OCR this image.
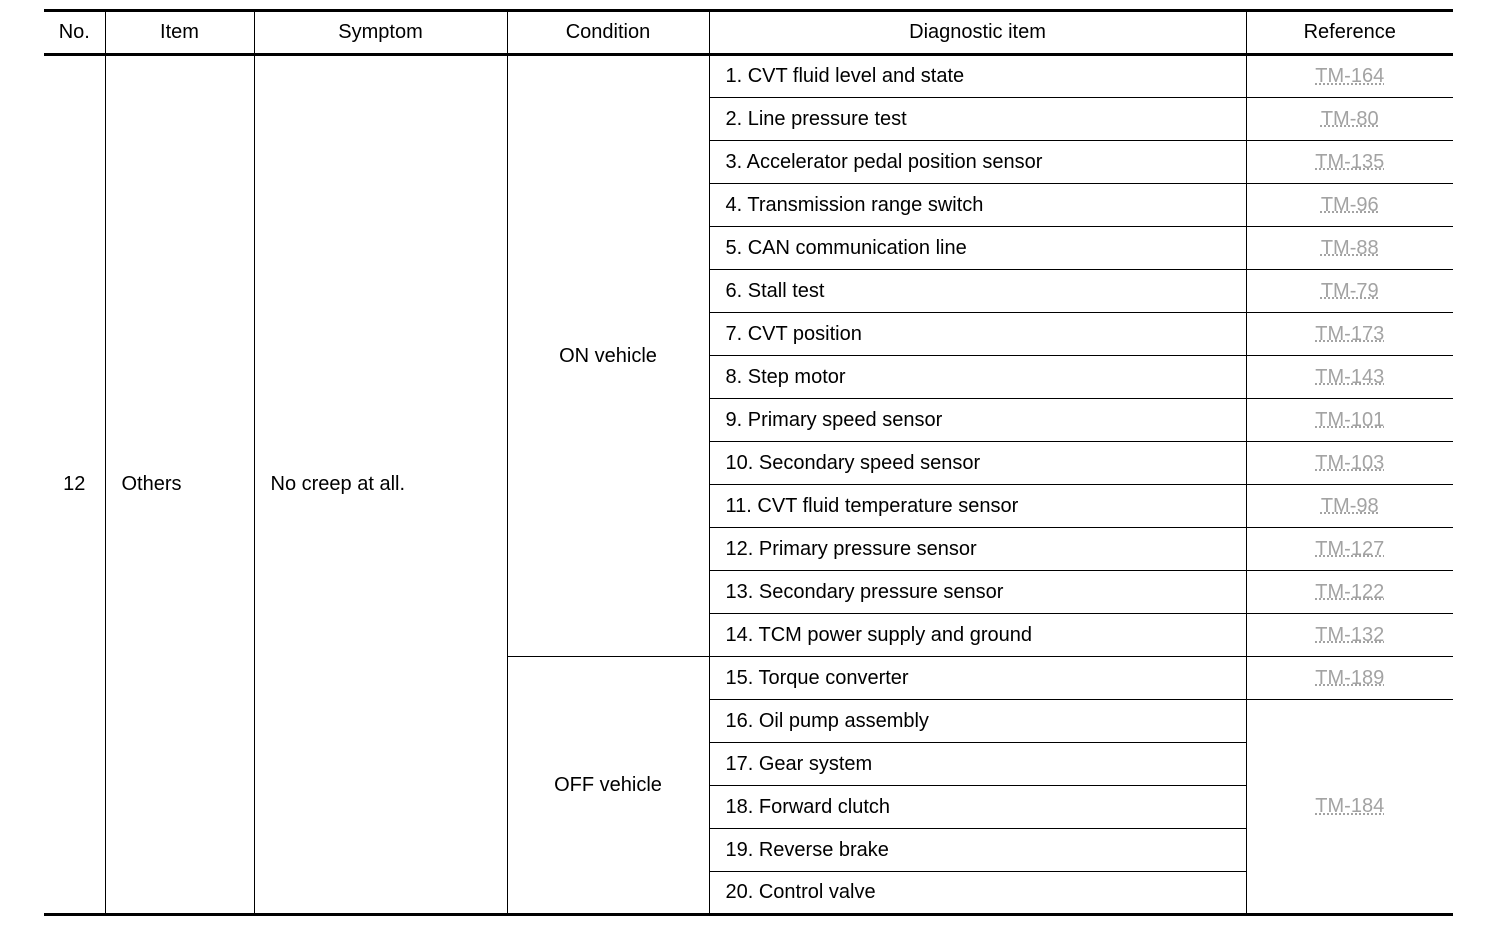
No.	Item	Symptom	Condition	Diagnostic item	Reference
12	Others	No creep at all.	ON vehicle	1. CVT fluid level and state	TM-164
				2. Line pressure test	TM-80
				3. Accelerator pedal position sensor	TM-135
				4. Transmission range switch	TM-96
				5. CAN communication line	TM-88
				6. Stall test	TM-79
				7. CVT position	TM-173
				8. Step motor	TM-143
				9. Primary speed sensor	TM-101
				10. Secondary speed sensor	TM-103
				11. CVT fluid temperature sensor	TM-98
				12. Primary pressure sensor	TM-127
				13. Secondary pressure sensor	TM-122
				14. TCM power supply and ground	TM-132
			OFF vehicle	15. Torque converter	TM-189
				16. Oil pump assembly	TM-184
				17. Gear system	
				18. Forward clutch	
				19. Reverse brake	
				20. Control valve	
